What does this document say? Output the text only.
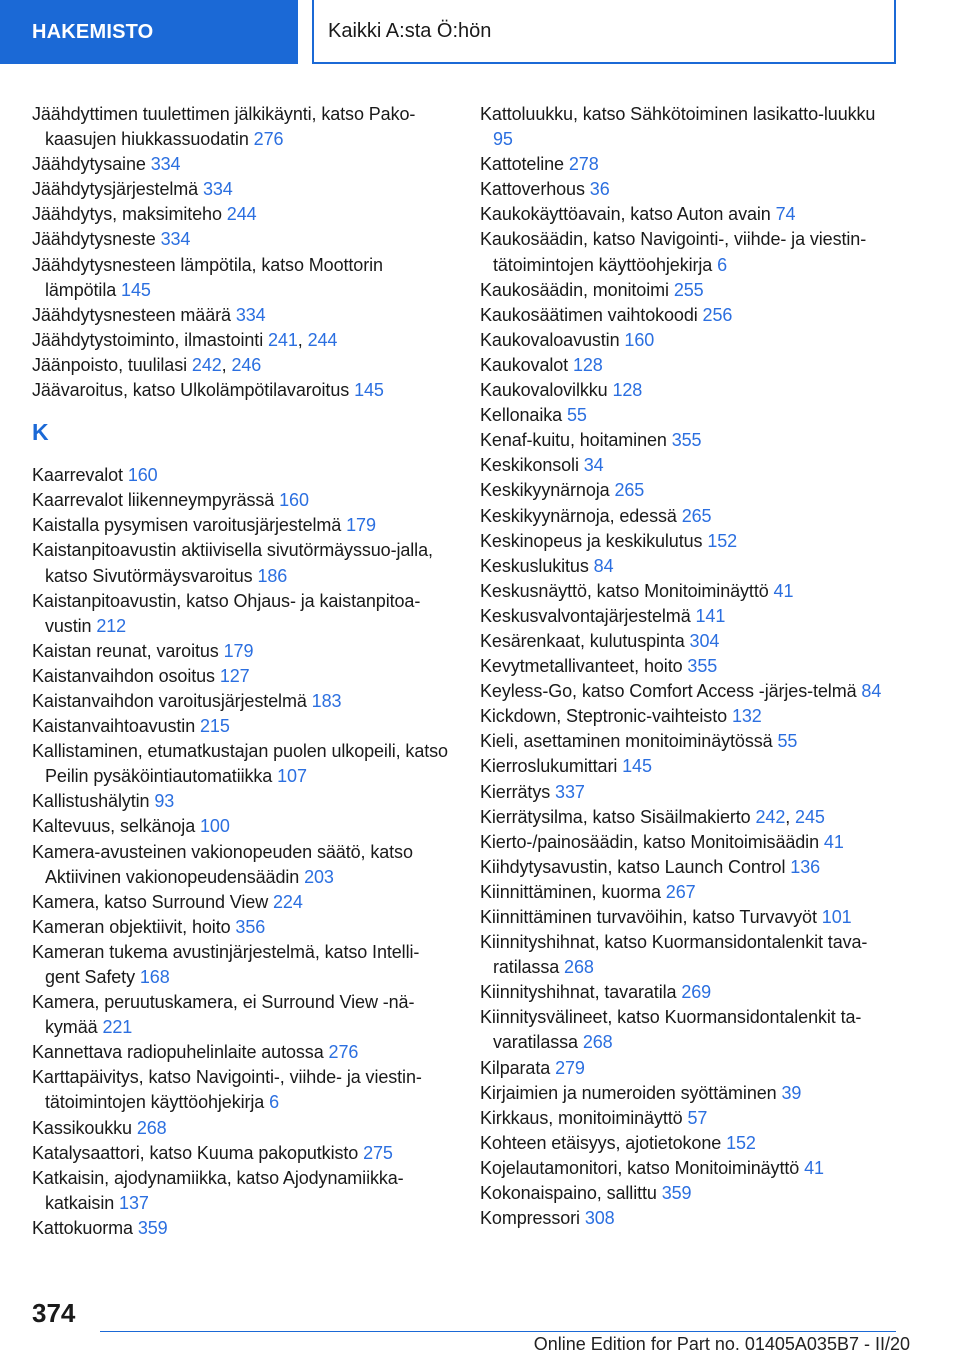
HAKEMISTO	Kaikki A:sta Ö:hön
Jäähdyttimen tuulettimen jälkikäynti, katso Pako-kaasujen hiukkassuodatin 276
Jäähdytysaine 334
Jäähdytysjärjestelmä 334
Jäähdytys, maksimiteho 244
Jäähdytysneste 334
Jäähdytysnesteen lämpötila, katso Moottorin lämpötila 145
Jäähdytysnesteen määrä 334
Jäähdytystoiminto, ilmastointi 241, 244
Jäänpoisto, tuulilasi 242, 246
Jäävaroitus, katso Ulkolämpötilavaroitus 145
K
Kaarrevalot 160
Kaarrevalot liikenneympyrässä 160
Kaistalla pysymisen varoitusjärjestelmä 179
Kaistanpitoavustin aktiivisella sivutörmäyssuo-jalla, katso Sivutörmäysvaroitus 186
Kaistanpitoavustin, katso Ohjaus- ja kaistanpitoa-vustin 212
Kaistan reunat, varoitus 179
Kaistanvaihdon osoitus 127
Kaistanvaihdon varoitusjärjestelmä 183
Kaistanvaihtoavustin 215
Kallistaminen, etumatkustajan puolen ulkopeili, katso Peilin pysäköintiautomatiikka 107
Kallistushälytin 93
Kaltevuus, selkänoja 100
Kamera-avusteinen vakionopeuden säätö, katso Aktiivinen vakionopeudensäädin 203
Kamera, katso Surround View 224
Kameran objektiivit, hoito 356
Kameran tukema avustinjärjestelmä, katso Intelli-gent Safety 168
Kamera, peruutuskamera, ei Surround View -nä-kymää 221
Kannettava radiopuhelinlaite autossa 276
Karttapäivitys, katso Navigointi-, viihde- ja viestin-tätoimintojen käyttöohjekirja 6
Kassikoukku 268
Katalysaattori, katso Kuuma pakoputkisto 275
Katkaisin, ajodynamiikka, katso Ajodynamiikka-katkaisin 137
Kattokuorma 359
Kattoluukku, katso Sähkötoiminen lasikatto-luukku 95
Kattoteline 278
Kattoverhous 36
Kaukokäyttöavain, katso Auton avain 74
Kaukosäädin, katso Navigointi-, viihde- ja viestin-tätoimintojen käyttöohjekirja 6
Kaukosäädin, monitoimi 255
Kaukosäätimen vaihtokoodi 256
Kaukovaloavustin 160
Kaukovalot 128
Kaukovalovilkku 128
Kellonaika 55
Kenaf-kuitu, hoitaminen 355
Keskikonsoli 34
Keskikyynärnoja 265
Keskikyynärnoja, edessä 265
Keskinopeus ja keskikulutus 152
Keskuslukitus 84
Keskusnäyttö, katso Monitoiminäyttö 41
Keskusvalvontajärjestelmä 141
Kesärenkaat, kulutuspinta 304
Kevytmetallivanteet, hoito 355
Keyless-Go, katso Comfort Access -järjes-telmä 84
Kickdown, Steptronic-vaihteisto 132
Kieli, asettaminen monitoiminäytössä 55
Kierroslukumittari 145
Kierrätys 337
Kierrätysilma, katso Sisäilmakierto 242, 245
Kierto-/painosäädin, katso Monitoimisäädin 41
Kiihdytysavustin, katso Launch Control 136
Kiinnittäminen, kuorma 267
Kiinnittäminen turvavöihin, katso Turvavyöt 101
Kiinnityshihnat, katso Kuormansidontalenkit tava-ratilassa 268
Kiinnityshihnat, tavaratila 269
Kiinnitysvälineet, katso Kuormansidontalenkit ta-varatilassa 268
Kilparata 279
Kirjaimien ja numeroiden syöttäminen 39
Kirkkaus, monitoiminäyttö 57
Kohteen etäisyys, ajotietokone 152
Kojelautamonitori, katso Monitoiminäyttö 41
Kokonaispaino, sallittu 359
Kompressori 308
374
Online Edition for Part no. 01405A035B7 - II/20
